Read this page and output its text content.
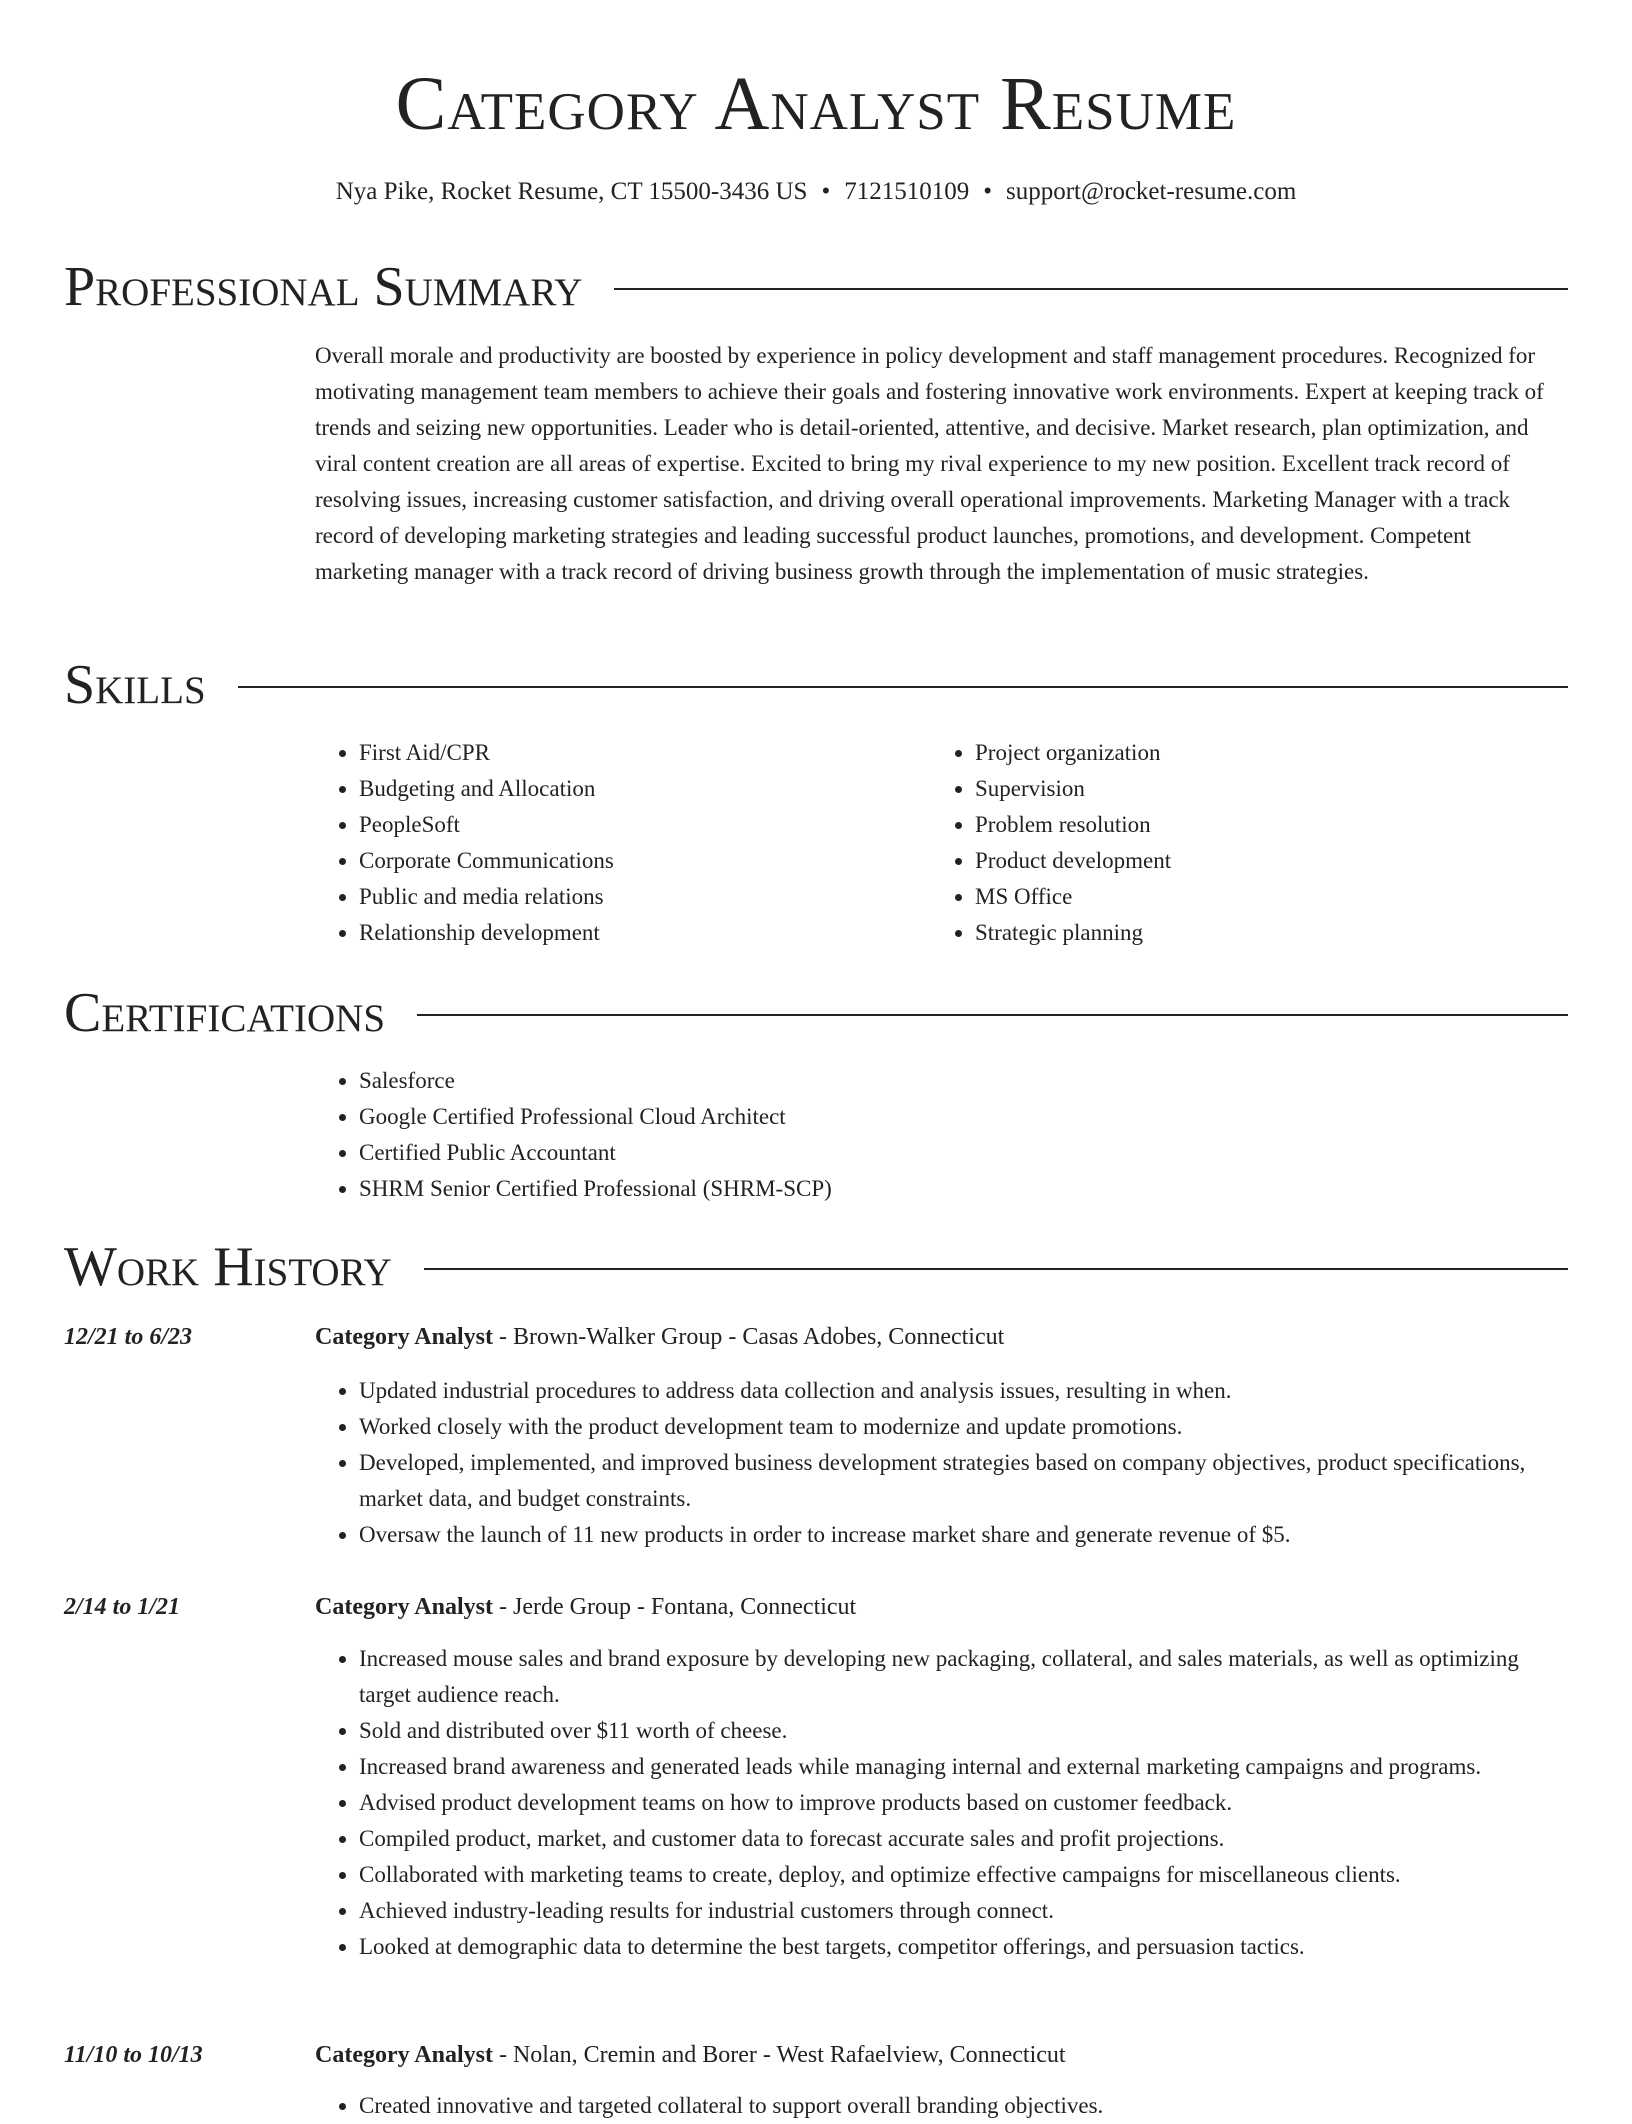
Category Analyst Resume
Nya Pike, Rocket Resume, CT 15500-3436 US • 7121510109 • support@rocket-resume.com
Professional Summary
Overall morale and productivity are boosted by experience in policy development and staff management procedures. Recognized for motivating management team members to achieve their goals and fostering innovative work environments. Expert at keeping track of trends and seizing new opportunities. Leader who is detail-oriented, attentive, and decisive. Market research, plan optimization, and viral content creation are all areas of expertise. Excited to bring my rival experience to my new position. Excellent track record of resolving issues, increasing customer satisfaction, and driving overall operational improvements. Marketing Manager with a track record of developing marketing strategies and leading successful product launches, promotions, and development. Competent marketing manager with a track record of driving business growth through the implementation of music strategies.
Skills
• First Aid/CPR
• Budgeting and Allocation
• PeopleSoft
• Corporate Communications
• Public and media relations
• Relationship development
• Project organization
• Supervision
• Problem resolution
• Product development
• MS Office
• Strategic planning
Certifications
• Salesforce
• Google Certified Professional Cloud Architect
• Certified Public Accountant
• SHRM Senior Certified Professional (SHRM-SCP)
Work History
12/21 to 6/23	Category Analyst - Brown-Walker Group - Casas Adobes, Connecticut
• Updated industrial procedures to address data collection and analysis issues, resulting in when.
• Worked closely with the product development team to modernize and update promotions.
• Developed, implemented, and improved business development strategies based on company objectives, product specifications, market data, and budget constraints.
• Oversaw the launch of 11 new products in order to increase market share and generate revenue of $5.
2/14 to 1/21	Category Analyst - Jerde Group - Fontana, Connecticut
• Increased mouse sales and brand exposure by developing new packaging, collateral, and sales materials, as well as optimizing target audience reach.
• Sold and distributed over $11 worth of cheese.
• Increased brand awareness and generated leads while managing internal and external marketing campaigns and programs.
• Advised product development teams on how to improve products based on customer feedback.
• Compiled product, market, and customer data to forecast accurate sales and profit projections.
• Collaborated with marketing teams to create, deploy, and optimize effective campaigns for miscellaneous clients.
• Achieved industry-leading results for industrial customers through connect.
• Looked at demographic data to determine the best targets, competitor offerings, and persuasion tactics.
11/10 to 10/13	Category Analyst - Nolan, Cremin and Borer - West Rafaelview, Connecticut
• Created innovative and targeted collateral to support overall branding objectives.
